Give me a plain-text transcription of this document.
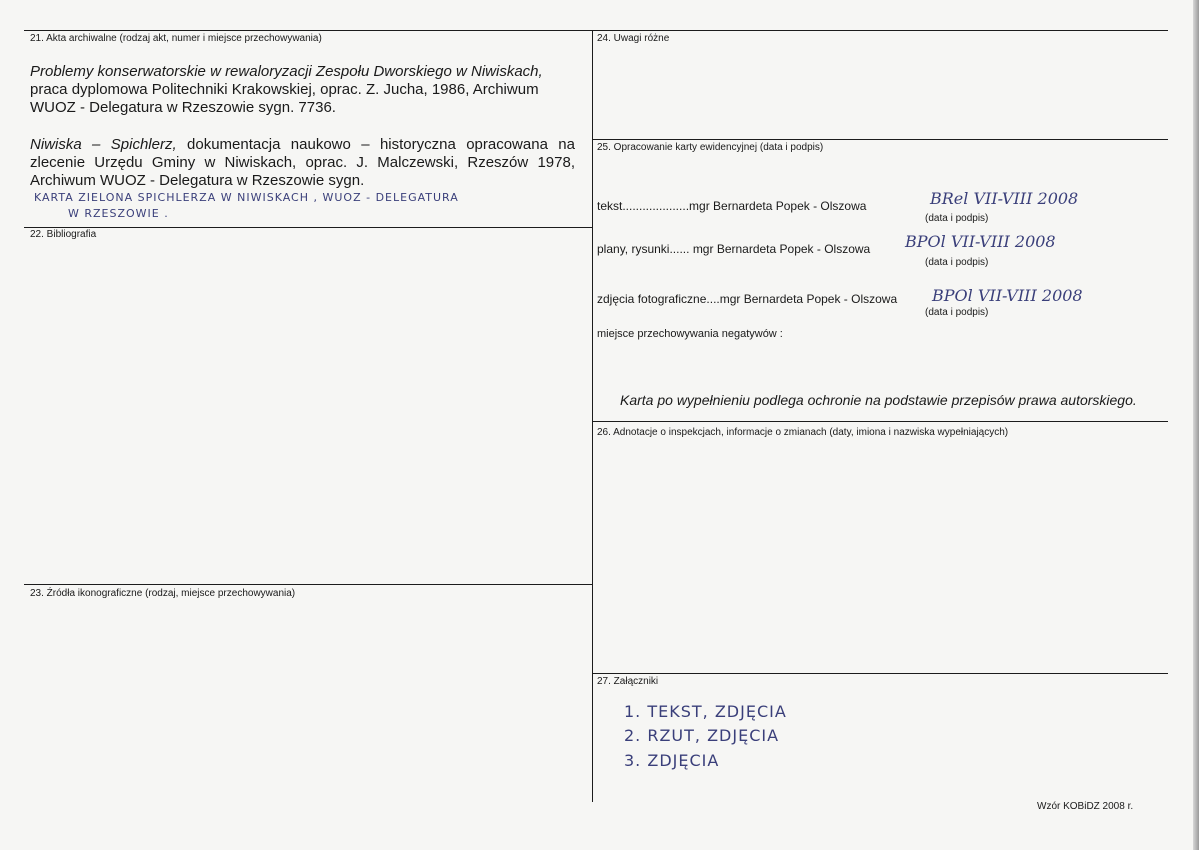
21. Akta archiwalne (rodzaj akt, numer i miejsce przechowywania)
Problemy konserwatorskie w rewaloryzacji Zespołu Dworskiego w Niwiskach, praca dyplomowa Politechniki Krakowskiej, oprac. Z. Jucha, 1986, Archiwum WUOZ - Delegatura w Rzeszowie sygn. 7736.
Niwiska – Spichlerz, dokumentacja naukowo – historyczna opracowana na zlecenie Urzędu Gminy w Niwiskach, oprac. J. Malczewski, Rzeszów 1978, Archiwum WUOZ - Delegatura w Rzeszowie sygn.
KARTA ZIELONA SPICHLERZA W NIWISKACH , WUOZ - DELEGATURA
W RZESZOWIE .
22. Bibliografia
23. Źródła ikonograficzne (rodzaj, miejsce przechowywania)
24. Uwagi różne
25. Opracowanie karty ewidencyjnej (data i podpis)
tekst....................mgr Bernardeta Popek - Olszowa	BRel VII-VIII 2008
(data i podpis)
plany, rysunki...... mgr Bernardeta Popek - Olszowa BPOl VII-VIII 2008
(data i podpis)
zdjęcia fotograficzne....mgr Bernardeta Popek - Olszowa BPOl VII-VIII 2008
(data i podpis)
miejsce przechowywania negatywów :
Karta po wypełnieniu podlega ochronie na podstawie przepisów prawa autorskiego.
26. Adnotacje o inspekcjach, informacje o zmianach (daty, imiona i nazwiska wypełniających)
27. Załączniki
1. TEKST, ZDJĘCIA
2. RZUT, ZDJĘCIA
3. ZDJĘCIA
Wzór KOBiDZ 2008 r.
